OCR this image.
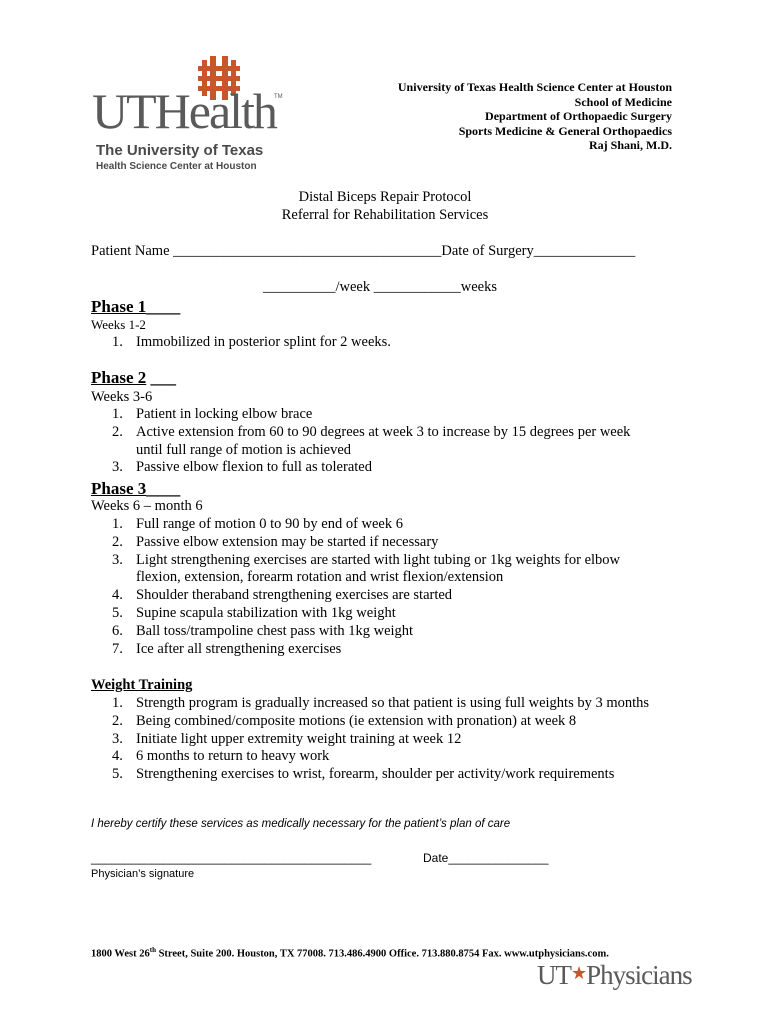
UTHealth
TM
The University of Texas
Health Science Center at Houston
University of Texas Health Science Center at Houston
School of Medicine
Department of Orthopaedic Surgery
Sports Medicine & General Orthopaedics
Raj Shani, M.D.
Distal Biceps Repair Protocol
Referral for Rehabilitation Services
Patient Name _____________________________________Date of Surgery______________
__________/week ____________weeks
Phase 1____
Weeks 1-2
1. Immobilized in posterior splint for 2 weeks.
Phase 2 ___
Weeks 3-6
1. Patient in locking elbow brace
2. Active extension from 60 to 90 degrees at week 3 to increase by 15 degrees per week
until full range of motion is achieved
3. Passive elbow flexion to full as tolerated
Phase 3____
Weeks 6 – month 6
1. Full range of motion 0 to 90 by end of week 6
2. Passive elbow extension may be started if necessary
3. Light strengthening exercises are started with light tubing or 1kg weights for elbow
flexion, extension, forearm rotation and wrist flexion/extension
4. Shoulder theraband strengthening exercises are started
5. Supine scapula stabilization with 1kg weight
6. Ball toss/trampoline chest pass with 1kg weight
7. Ice after all strengthening exercises
Weight Training
1. Strength program is gradually increased so that patient is using full weights by 3 months
2. Being combined/composite motions (ie extension with pronation) at week 8
3. Initiate light upper extremity weight training at week 12
4. 6 months to return to heavy work
5. Strengthening exercises to wrist, forearm, shoulder per activity/work requirements
I hereby certify these services as medically necessary for the patient’s plan of care
__________________________________________	Date_______________
Physician’s signature
1800 West 26th Street, Suite 200. Houston, TX 77008. 713.486.4900 Office. 713.880.8754 Fax. www.utphysicians.com.
UT★Physicians
